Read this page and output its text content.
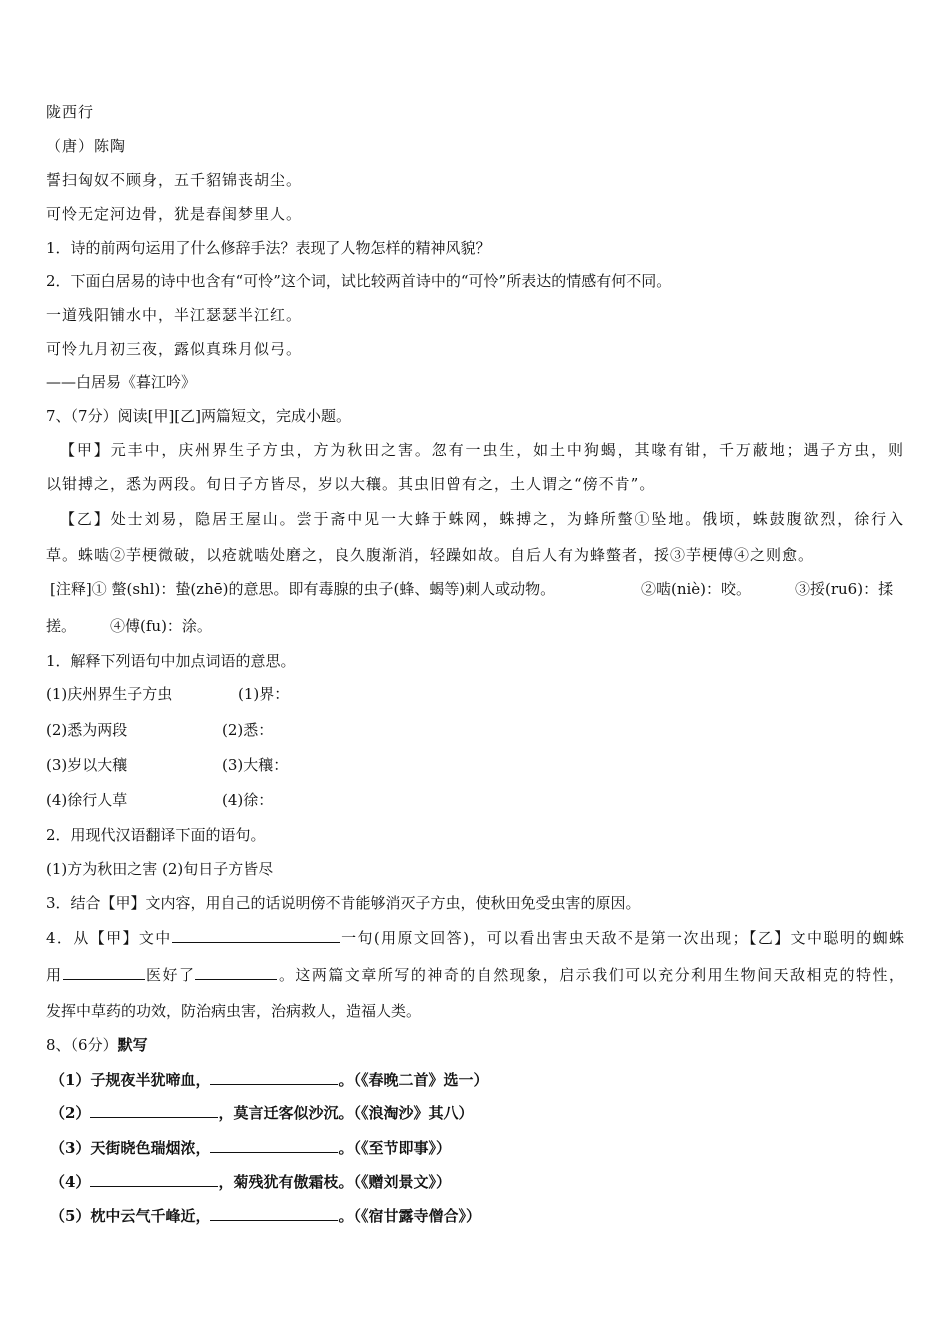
陇西行
（唐）陈陶
誓扫匈奴不顾身，五千貂锦丧胡尘。
可怜无定河边骨，犹是春闺梦里人。
1．诗的前两句运用了什么修辞手法？表现了人物怎样的精神风貌？
2．下面白居易的诗中也含有“可怜”这个词，试比较两首诗中的“可怜”所表达的情感有何不同。
一道残阳铺水中，半江瑟瑟半江红。
可怜九月初三夜，露似真珠月似弓。
——白居易《暮江吟》
7、（7分）阅读[甲][乙]两篇短文，完成小题。
【甲】元丰中，庆州界生子方虫，方为秋田之害。忽有一虫生，如土中狗蝎，其喙有钳，千万蔽地；遇子方虫，则
以钳搏之，悉为两段。旬日子方皆尽，岁以大穰。其虫旧曾有之，土人谓之“傍不肯”。
【乙】处士刘易，隐居王屋山。尝于斋中见一大蜂于蛛网，蛛搏之，为蜂所螫①坠地。俄顷，蛛鼓腹欲烈，徐行入
草。蛛啮②芋梗微破，以疮就啮处磨之，良久腹渐消，轻躁如故。自后人有为蜂螫者，挼③芋梗傅④之则愈。
[注释]① 螫(shl)：蛰(zhē)的意思。即有毒腺的虫子(蜂、蝎等)刺人或动物。	②啮(niè)：咬。	③挼(ru6)：揉
搓。 ④傅(fu)：涂。
1．解释下列语句中加点词语的意思。
(1)庆州界生子方虫	(1)界：
(2)悉为两段	(2)悉：
(3)岁以大穰	(3)大穰：
(4)徐行人草	(4)徐：
2．用现代汉语翻译下面的语句。
(1)方为秋田之害 (2)旬日子方皆尽
3．结合【甲】文内容，用自己的话说明傍不肯能够消灭子方虫，使秋田免受虫害的原因。
4．从【甲】文中	一句(用原文回答)，可以看出害虫天敌不是第一次出现；【乙】文中聪明的蜘蛛
用	医好了	。这两篇文章所写的神奇的自然现象，启示我们可以充分利用生物间天敌相克的特性，
发挥中草药的功效，防治病虫害，治病救人，造福人类。
8、（6分）默写
（1）子规夜半犹啼血，	。（《春晚二首》选一）
（2）	，莫言迁客似沙沉。（《浪淘沙》其八）
（3）天街晓色瑞烟浓，	。（《至节即事》）
（4）	，菊残犹有傲霜枝。（《赠刘景文》）
（5）枕中云气千峰近，	。（《宿甘露寺僧合》）
